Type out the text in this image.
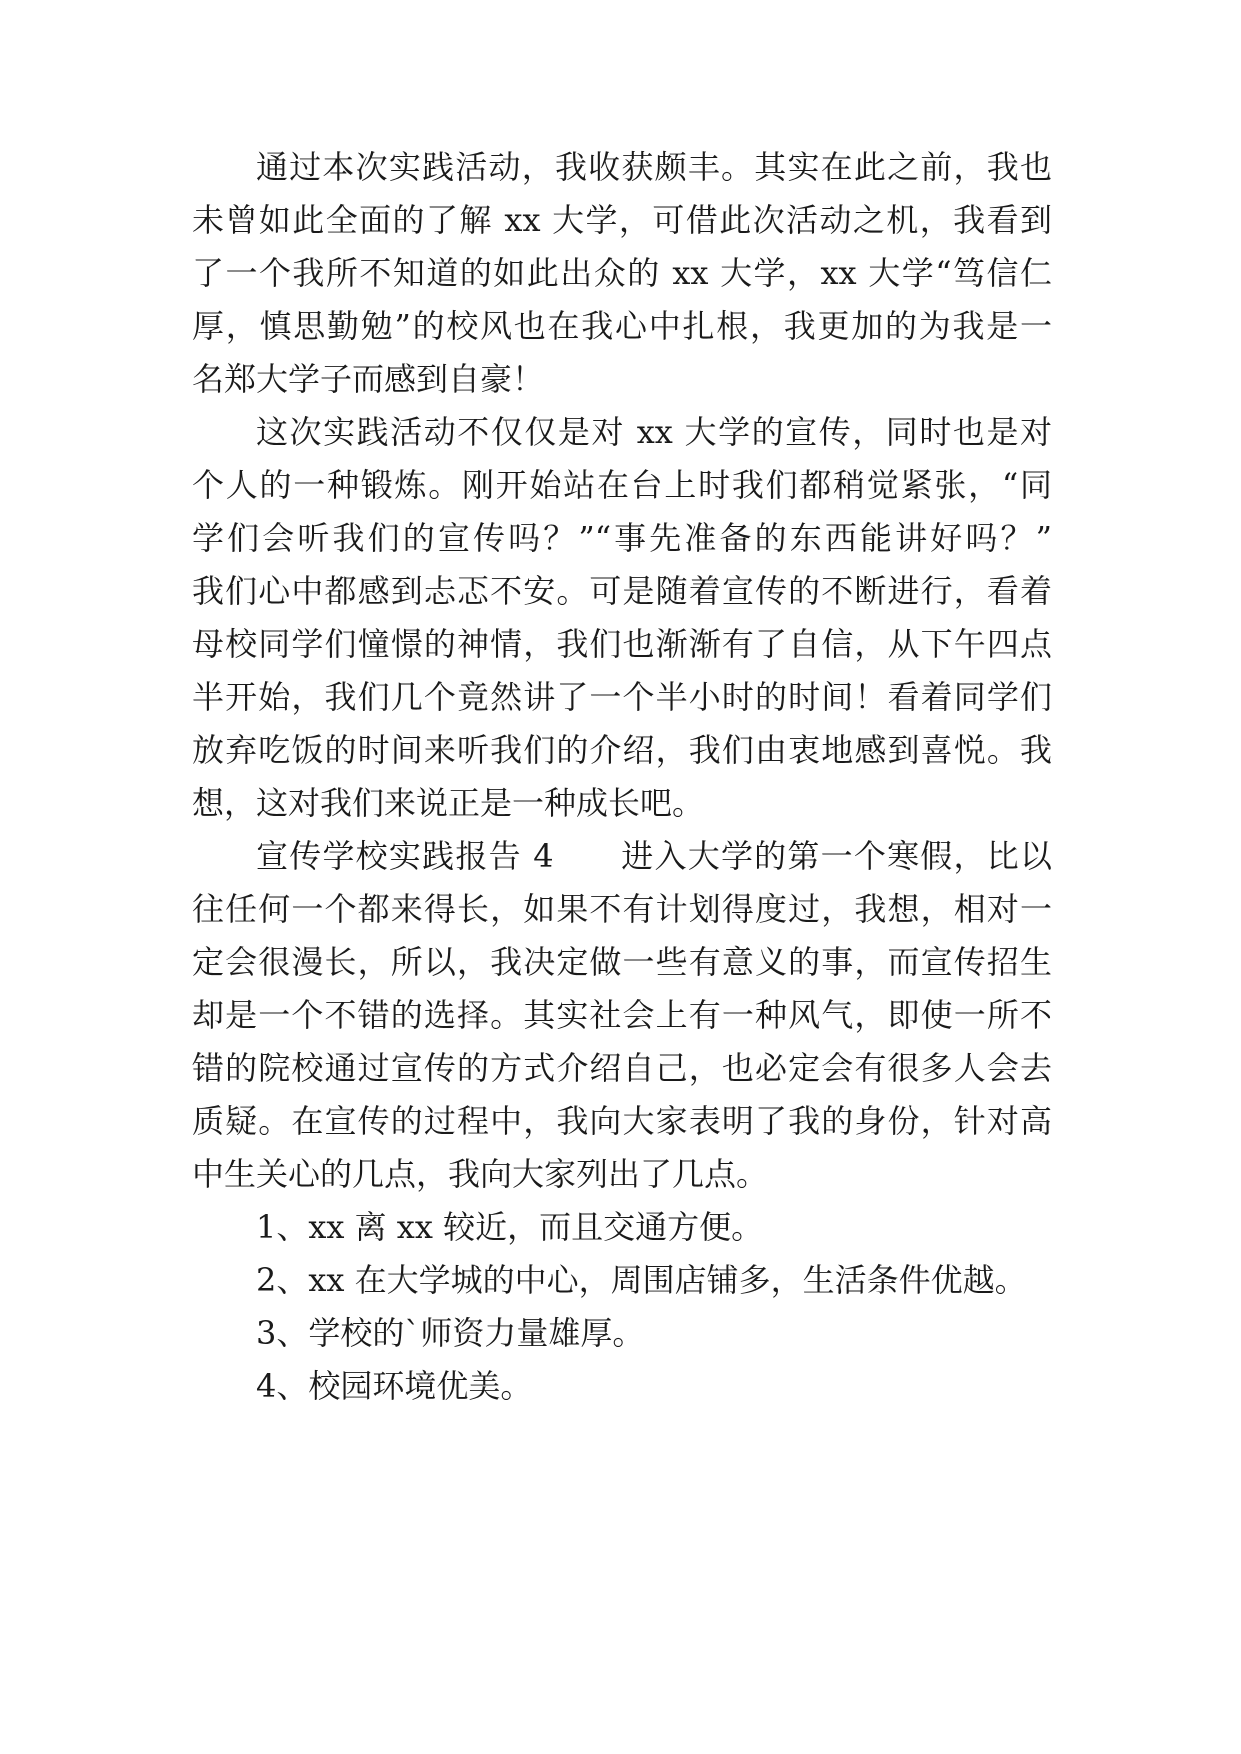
通过本次实践活动，我收获颇丰。其实在此之前，我也
未曾如此全面的了解 xx 大学，可借此次活动之机，我看到
了一个我所不知道的如此出众的 xx 大学，xx 大学“笃信仁
厚，慎思勤勉”的校风也在我心中扎根，我更加的为我是一
名郑大学子而感到自豪！
这次实践活动不仅仅是对 xx 大学的宣传，同时也是对
个人的一种锻炼。刚开始站在台上时我们都稍觉紧张，“同
学们会听我们的宣传吗？”“事先准备的东西能讲好吗？”
我们心中都感到忐忑不安。可是随着宣传的不断进行，看着
母校同学们憧憬的神情，我们也渐渐有了自信，从下午四点
半开始，我们几个竟然讲了一个半小时的时间！看着同学们
放弃吃饭的时间来听我们的介绍，我们由衷地感到喜悦。我
想，这对我们来说正是一种成长吧。
宣传学校实践报告 4　　进入大学的第一个寒假，比以
往任何一个都来得长，如果不有计划得度过，我想，相对一
定会很漫长，所以，我决定做一些有意义的事，而宣传招生
却是一个不错的选择。其实社会上有一种风气，即使一所不
错的院校通过宣传的方式介绍自己，也必定会有很多人会去
质疑。在宣传的过程中，我向大家表明了我的身份，针对高
中生关心的几点，我向大家列出了几点。
1、xx 离 xx 较近，而且交通方便。
2、xx 在大学城的中心，周围店铺多，生活条件优越。
3、学校的`师资力量雄厚。
4、校园环境优美。
